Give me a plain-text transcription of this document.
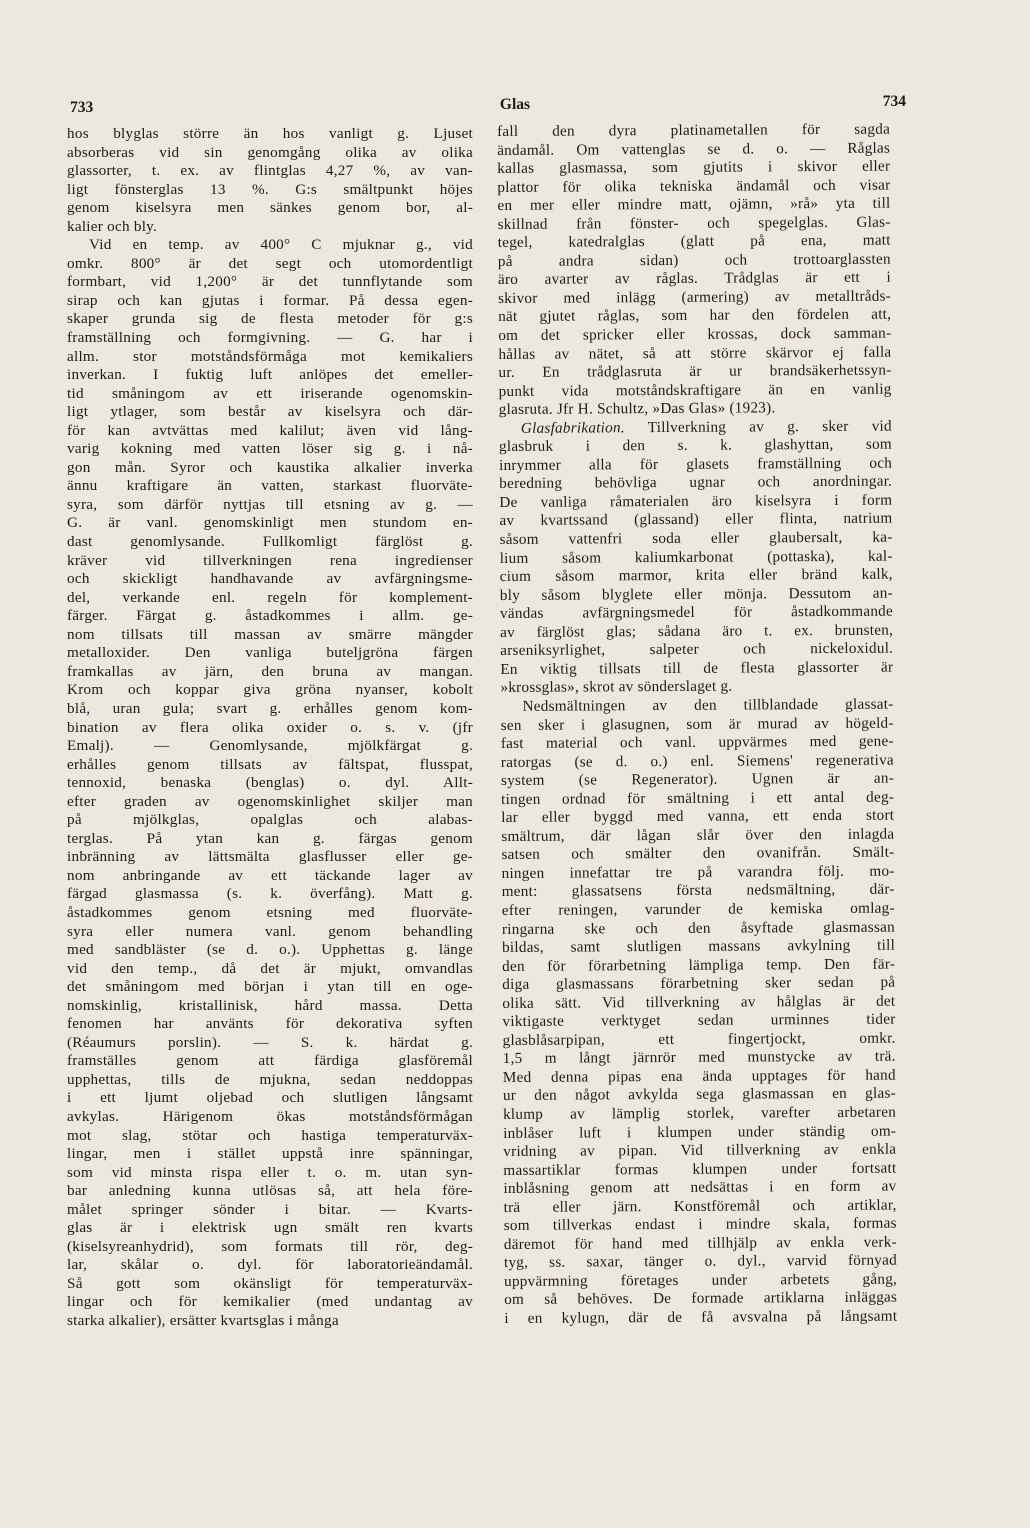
733	Glas	734
hos blyglas större än hos vanligt g. Ljuset
absorberas vid sin genomgång olika av olika
glassorter, t. ex. av flintglas 4,27 %, av van-
ligt fönsterglas 13 %. G:s smältpunkt höjes
genom kiselsyra men sänkes genom bor, al-
kalier och bly.
Vid en temp. av 400° C mjuknar g., vid
omkr. 800° är det segt och utomordentligt
formbart, vid 1,200° är det tunnflytande som
sirap och kan gjutas i formar. På dessa egen-
skaper grunda sig de flesta metoder för g:s
framställning och formgivning. — G. har i
allm. stor motståndsförmåga mot kemikaliers
inverkan. I fuktig luft anlöpes det emeller-
tid småningom av ett iriserande ogenomskin-
ligt ytlager, som består av kiselsyra och där-
för kan avtvättas med kalilut; även vid lång-
varig kokning med vatten löser sig g. i nå-
gon mån. Syror och kaustika alkalier inverka
ännu kraftigare än vatten, starkast fluorväte-
syra, som därför nyttjas till etsning av g. —
G. är vanl. genomskinligt men stundom en-
dast genomlysande. Fullkomligt färglöst g.
kräver vid tillverkningen rena ingredienser
och skickligt handhavande av avfärgningsme-
del, verkande enl. regeln för komplement-
färger. Färgat g. åstadkommes i allm. ge-
nom tillsats till massan av smärre mängder
metalloxider. Den vanliga buteljgröna färgen
framkallas av järn, den bruna av mangan.
Krom och koppar giva gröna nyanser, kobolt
blå, uran gula; svart g. erhålles genom kom-
bination av flera olika oxider o. s. v. (jfr
Emalj). — Genomlysande, mjölkfärgat g.
erhålles genom tillsats av fältspat, flusspat,
tennoxid, benaska (benglas) o. dyl. Allt-
efter graden av ogenomskinlighet skiljer man
på mjölkglas, opalglas och alabas-
terglas. På ytan kan g. färgas genom
inbränning av lättsmälta glasflusser eller ge-
nom anbringande av ett täckande lager av
färgad glasmassa (s. k. överfång). Matt g.
åstadkommes genom etsning med fluorväte-
syra eller numera vanl. genom behandling
med sandbläster (se d. o.). Upphettas g. länge
vid den temp., då det är mjukt, omvandlas
det småningom med början i ytan till en oge-
nomskinlig, kristallinisk, hård massa. Detta
fenomen har använts för dekorativa syften
(Réaumurs porslin). — S. k. härdat g.
framställes genom att färdiga glasföremål
upphettas, tills de mjukna, sedan neddoppas
i ett ljumt oljebad och slutligen långsamt
avkylas. Härigenom ökas motståndsförmågan
mot slag, stötar och hastiga temperaturväx-
lingar, men i stället uppstå inre spänningar,
som vid minsta rispa eller t. o. m. utan syn-
bar anledning kunna utlösas så, att hela före-
målet springer sönder i bitar. — Kvarts-
glas är i elektrisk ugn smält ren kvarts
(kiselsyreanhydrid), som formats till rör, deg-
lar, skålar o. dyl. för laboratorieändamål.
Så gott som okänsligt för temperaturväx-
lingar och för kemikalier (med undantag av
starka alkalier), ersätter kvartsglas i många
fall den dyra platinametallen för sagda
ändamål. Om vattenglas se d. o. — Råglas
kallas glasmassa, som gjutits i skivor eller
plattor för olika tekniska ändamål och visar
en mer eller mindre matt, ojämn, »rå» yta till
skillnad från fönster- och spegelglas. Glas-
tegel, katedralglas (glatt på ena, matt
på andra sidan) och trottoarglassten
äro avarter av råglas. Trådglas är ett i
skivor med inlägg (armering) av metalltråds-
nät gjutet råglas, som har den fördelen att,
om det spricker eller krossas, dock samman-
hållas av nätet, så att större skärvor ej falla
ur. En trådglasruta är ur brandsäkerhetssyn-
punkt vida motståndskraftigare än en vanlig
glasruta. Jfr H. Schultz, »Das Glas» (1923).
Glasfabrikation. Tillverkning av g. sker vid
glasbruk i den s. k. glashyttan, som
inrymmer alla för glasets framställning och
beredning behövliga ugnar och anordningar.
De vanliga råmaterialen äro kiselsyra i form
av kvartssand (glassand) eller flinta, natrium
såsom vattenfri soda eller glaubersalt, ka-
lium såsom kaliumkarbonat (pottaska), kal-
cium såsom marmor, krita eller bränd kalk,
bly såsom blyglete eller mönja. Dessutom an-
vändas avfärgningsmedel för åstadkommande
av färglöst glas; sådana äro t. ex. brunsten,
arseniksyrlighet, salpeter och nickeloxidul.
En viktig tillsats till de flesta glassorter är
»krossglas», skrot av sönderslaget g.
Nedsmältningen av den tillblandade glassat-
sen sker i glasugnen, som är murad av högeld-
fast material och vanl. uppvärmes med gene-
ratorgas (se d. o.) enl. Siemens' regenerativa
system (se Regenerator). Ugnen är an-
tingen ordnad för smältning i ett antal deg-
lar eller byggd med vanna, ett enda stort
smältrum, där lågan slår över den inlagda
satsen och smälter den ovanifrån. Smält-
ningen innefattar tre på varandra följ. mo-
ment: glassatsens första nedsmältning, där-
efter reningen, varunder de kemiska omlag-
ringarna ske och den åsyftade glasmassan
bildas, samt slutligen massans avkylning till
den för förarbetning lämpliga temp. Den fär-
diga glasmassans förarbetning sker sedan på
olika sätt. Vid tillverkning av hålglas är det
viktigaste verktyget sedan urminnes tider
glasblåsarpipan, ett fingertjockt, omkr.
1,5 m långt järnrör med munstycke av trä.
Med denna pipas ena ända upptages för hand
ur den något avkylda sega glasmassan en glas-
klump av lämplig storlek, varefter arbetaren
inblåser luft i klumpen under ständig om-
vridning av pipan. Vid tillverkning av enkla
massartiklar formas klumpen under fortsatt
inblåsning genom att nedsättas i en form av
trä eller järn. Konstföremål och artiklar,
som tillverkas endast i mindre skala, formas
däremot för hand med tillhjälp av enkla verk-
tyg, ss. saxar, tänger o. dyl., varvid förnyad
uppvärmning företages under arbetets gång,
om så behöves. De formade artiklarna inläggas
i en kylugn, där de få avsvalna på långsamt
